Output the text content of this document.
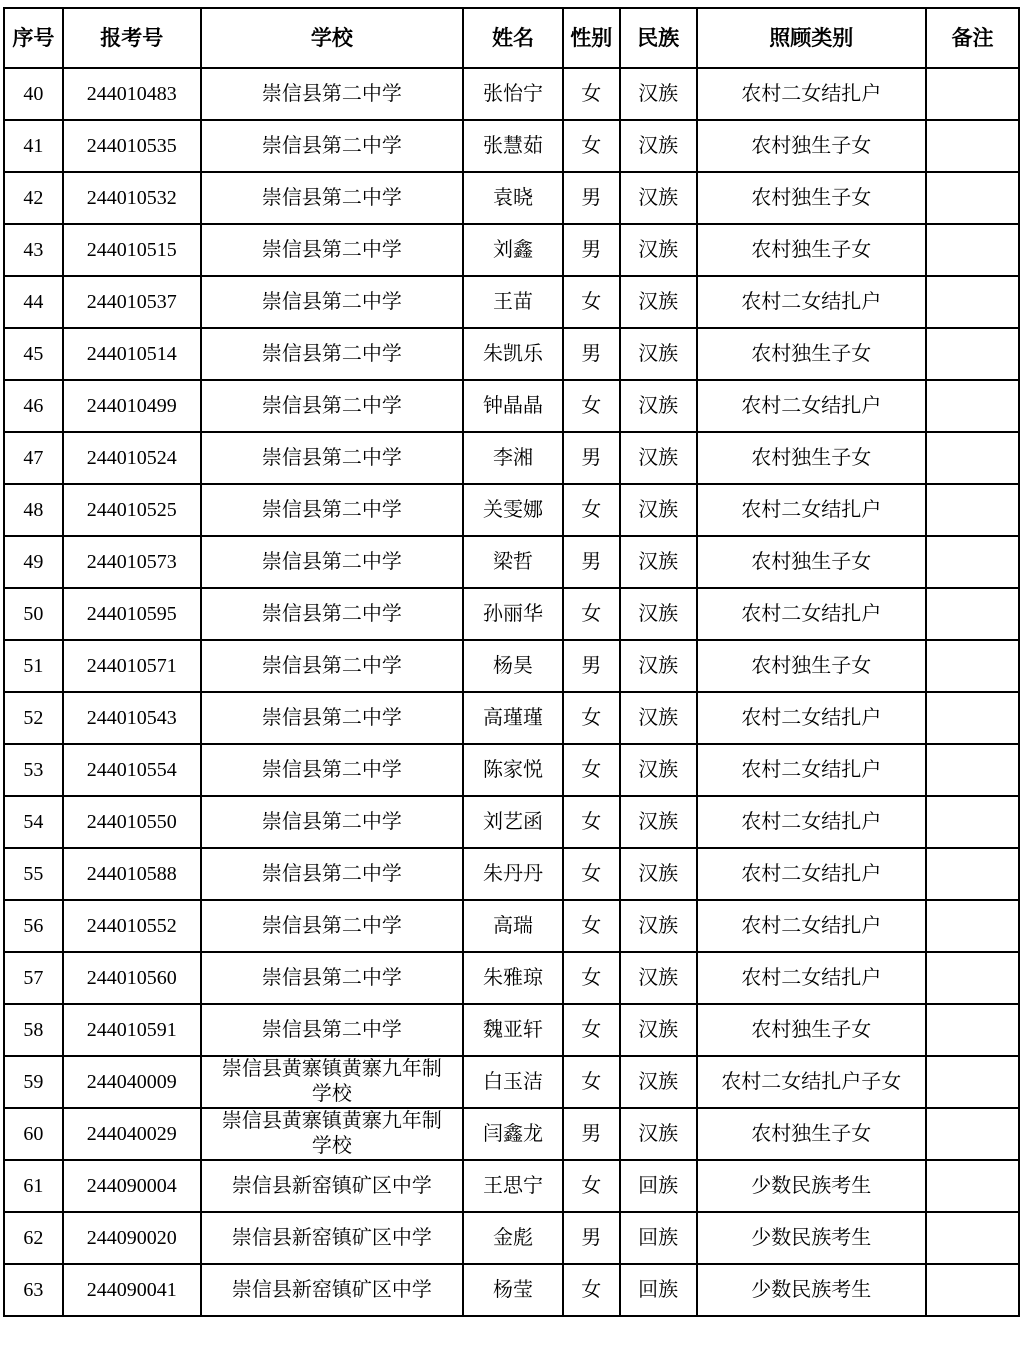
序号	报考号	学校	姓名	性别	民族	照顾类别	备注
40	244010483	崇信县第二中学	张怡宁	女	汉族	农村二女结扎户	
41	244010535	崇信县第二中学	张慧茹	女	汉族	农村独生子女	
42	244010532	崇信县第二中学	袁晓	男	汉族	农村独生子女	
43	244010515	崇信县第二中学	刘鑫	男	汉族	农村独生子女	
44	244010537	崇信县第二中学	王苗	女	汉族	农村二女结扎户	
45	244010514	崇信县第二中学	朱凯乐	男	汉族	农村独生子女	
46	244010499	崇信县第二中学	钟晶晶	女	汉族	农村二女结扎户	
47	244010524	崇信县第二中学	李湘	男	汉族	农村独生子女	
48	244010525	崇信县第二中学	关雯娜	女	汉族	农村二女结扎户	
49	244010573	崇信县第二中学	梁哲	男	汉族	农村独生子女	
50	244010595	崇信县第二中学	孙丽华	女	汉族	农村二女结扎户	
51	244010571	崇信县第二中学	杨昊	男	汉族	农村独生子女	
52	244010543	崇信县第二中学	高瑾瑾	女	汉族	农村二女结扎户	
53	244010554	崇信县第二中学	陈家悦	女	汉族	农村二女结扎户	
54	244010550	崇信县第二中学	刘艺函	女	汉族	农村二女结扎户	
55	244010588	崇信县第二中学	朱丹丹	女	汉族	农村二女结扎户	
56	244010552	崇信县第二中学	高瑞	女	汉族	农村二女结扎户	
57	244010560	崇信县第二中学	朱雅琼	女	汉族	农村二女结扎户	
58	244010591	崇信县第二中学	魏亚轩	女	汉族	农村独生子女	
59	244040009	崇信县黄寨镇黄寨九年制学校	白玉洁	女	汉族	农村二女结扎户子女	
60	244040029	崇信县黄寨镇黄寨九年制学校	闫鑫龙	男	汉族	农村独生子女	
61	244090004	崇信县新窑镇矿区中学	王思宁	女	回族	少数民族考生	
62	244090020	崇信县新窑镇矿区中学	金彪	男	回族	少数民族考生	
63	244090041	崇信县新窑镇矿区中学	杨莹	女	回族	少数民族考生	
